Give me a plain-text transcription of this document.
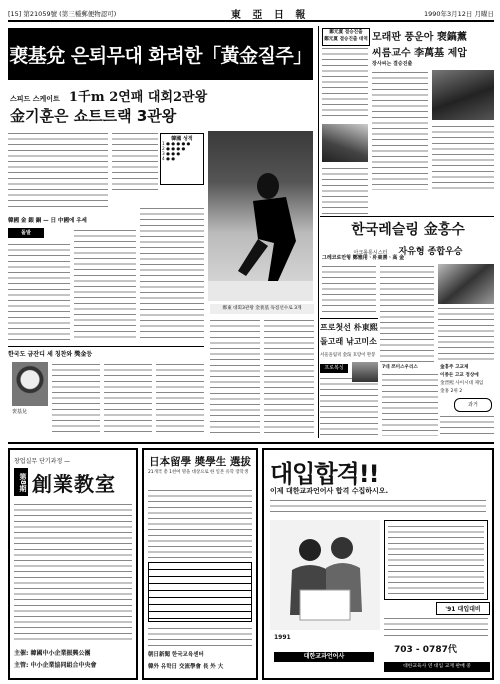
[15] 第21059號 (第三種郵便物認可)	東 亞 日 報	1990年3月12日 月曜日
裵基兌 은퇴무대 화려한「黃金질주」
스피드 스케이트 1千m 2연패 대회2관왕
金기훈은 쇼트트랙 3관왕
韓國 성적
1 ● ● ● ● ●
2 ● ● ● ●
3 ● ● ●
4 ● ●
韓國 金 銀 銅 — 日 中國에 우세
돌발
鄭東 대회3관왕 金裵基 독점선수로 3개
한국도 금잔디 세 칭찬와 獎金등
裵基兌
鄭元夏 결승진출
鄭元夏 결승진출 대역 모래판 풍운아 裵鎬薰
씨름교수 李萬基 제압
장사씨는 결승진출
한국레슬링 金홍수
아크롤롱시스터 자유형 종합우승
그레코로만형 鄭雅用ㆍ朴東善ㆍ高 金
프로첫선 朴東熙
돌고래 낚고미소
서울올림픽 金瑄 호랑이 완봉
프로복싱	7대 쯔미스우리스	金홍주 고교제
이종돈 고교 정상에
金晋熙 사이시대 제임
金홍 2위 2
과거
창업실무 단기과정 —
第8期 創業教室
主催: 韓國中小企業振興公團
主管: 中小企業協同組合中央會
日本留學 奬學生 選拔
21개국 총 1천여 명을 대상으로 한 일본 유학 장학생
朝日新聞 한국교육센터
韓外 유학日 交流學會 長 外 大
대입합격!!
이제 대한교과언어사 합격 수집하시오.
'91 대입대비
703 - 0787代
1991
대한교과언어사
대한교육사 연 대입 교재 판매 중
